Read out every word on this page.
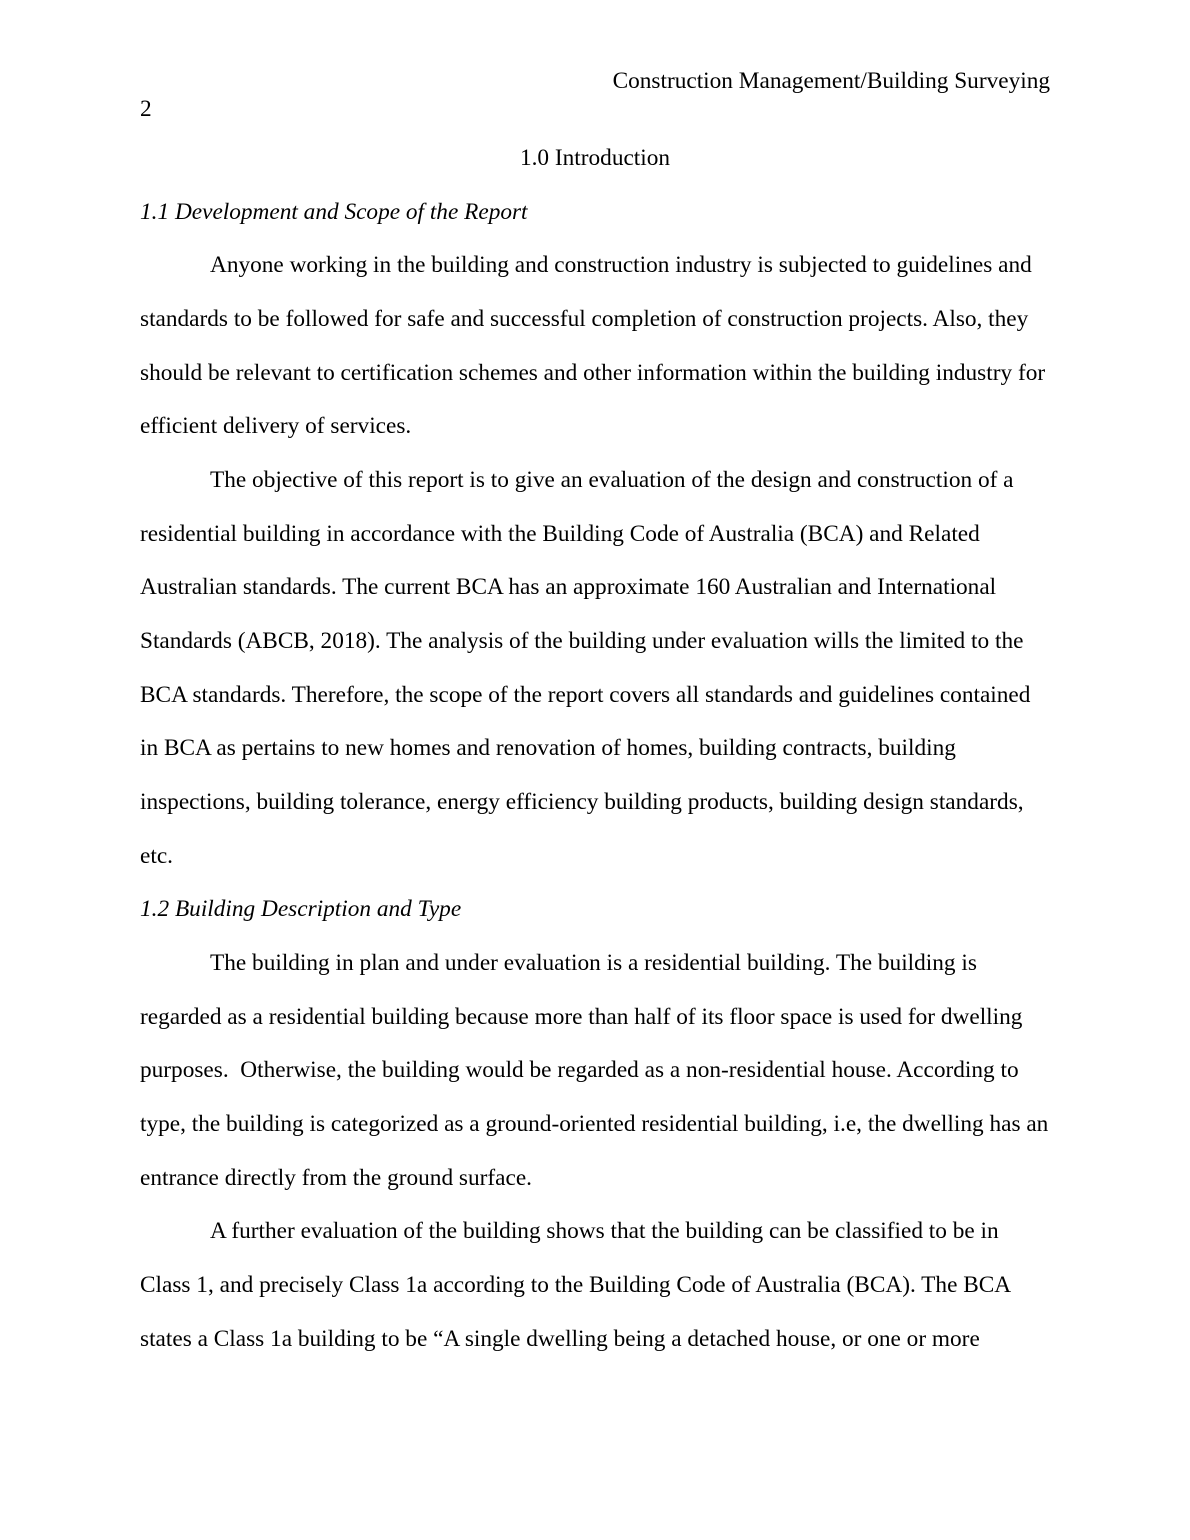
Construction Management/Building Surveying
2
1.0 Introduction
1.1 Development and Scope of the Report
Anyone working in the building and construction industry is subjected to guidelines and
standards to be followed for safe and successful completion of construction projects. Also, they
should be relevant to certification schemes and other information within the building industry for
efficient delivery of services.
The objective of this report is to give an evaluation of the design and construction of a
residential building in accordance with the Building Code of Australia (BCA) and Related
Australian standards. The current BCA has an approximate 160 Australian and International
Standards (ABCB, 2018). The analysis of the building under evaluation wills the limited to the
BCA standards. Therefore, the scope of the report covers all standards and guidelines contained
in BCA as pertains to new homes and renovation of homes, building contracts, building
inspections, building tolerance, energy efficiency building products, building design standards,
etc.
1.2 Building Description and Type
The building in plan and under evaluation is a residential building. The building is
regarded as a residential building because more than half of its floor space is used for dwelling
purposes.  Otherwise, the building would be regarded as a non-residential house. According to
type, the building is categorized as a ground-oriented residential building, i.e, the dwelling has an
entrance directly from the ground surface.
A further evaluation of the building shows that the building can be classified to be in
Class 1, and precisely Class 1a according to the Building Code of Australia (BCA). The BCA
states a Class 1a building to be “A single dwelling being a detached house, or one or more
